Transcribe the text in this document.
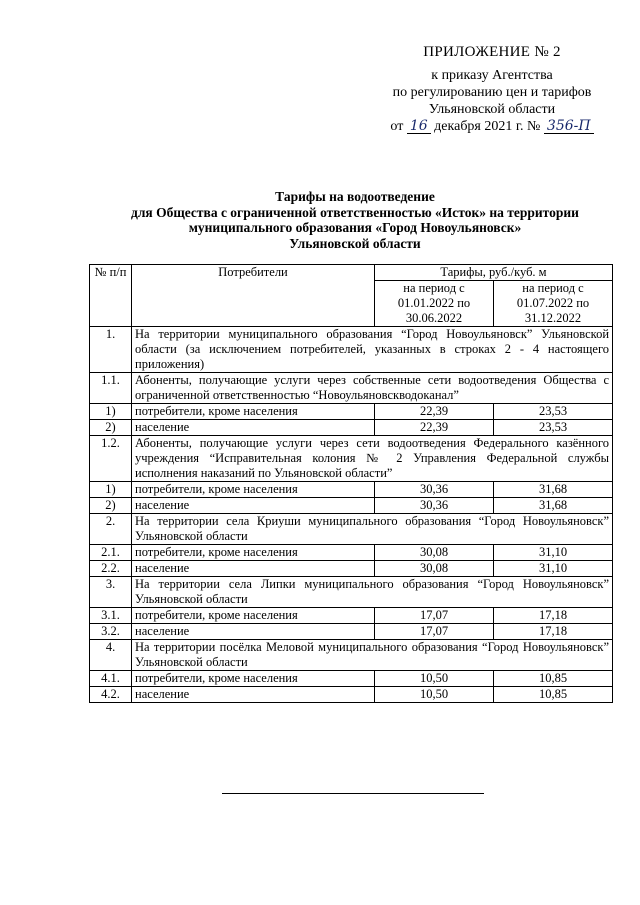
ПРИЛОЖЕНИЕ № 2
к приказу Агентства
по регулированию цен и тарифов
Ульяновской области
от 16 декабря 2021 г. № 356-П
Тарифы на водоотведение
для Общества с ограниченной ответственностью «Исток» на территории
муниципального образования «Город Новоульяновск»
Ульяновской области
№ п/п	Потребители	Тарифы, руб./куб. м	
		на период с 01.01.2022 по 30.06.2022	на период с 01.07.2022 по 31.12.2022
1.	На территории муниципального образования “Город Новоульяновск” Ульяновской области (за исключением потребителей, указанных в строках 2 - 4 настоящего приложения)		
1.1.	Абоненты, получающие услуги через собственные сети водоотведения Общества с ограниченной ответственностью “Новоульяновскводоканал”		
1)	потребители, кроме населения	22,39	23,53
2)	население	22,39	23,53
1.2.	Абоненты, получающие услуги через сети водоотведения Федерального казённого учреждения “Исправительная колония № 2 Управления Федеральной службы исполнения наказаний по Ульяновской области”		
1)	потребители, кроме населения	30,36	31,68
2)	население	30,36	31,68
2.	На территории села Криуши муниципального образования “Город Новоульяновск” Ульяновской области		
2.1.	потребители, кроме населения	30,08	31,10
2.2.	население	30,08	31,10
3.	На территории села Липки муниципального образования “Город Новоульяновск” Ульяновской области		
3.1.	потребители, кроме населения	17,07	17,18
3.2.	население	17,07	17,18
4.	На территории посёлка Меловой муниципального образования “Город Новоульяновск” Ульяновской области		
4.1.	потребители, кроме населения	10,50	10,85
4.2.	население	10,50	10,85
